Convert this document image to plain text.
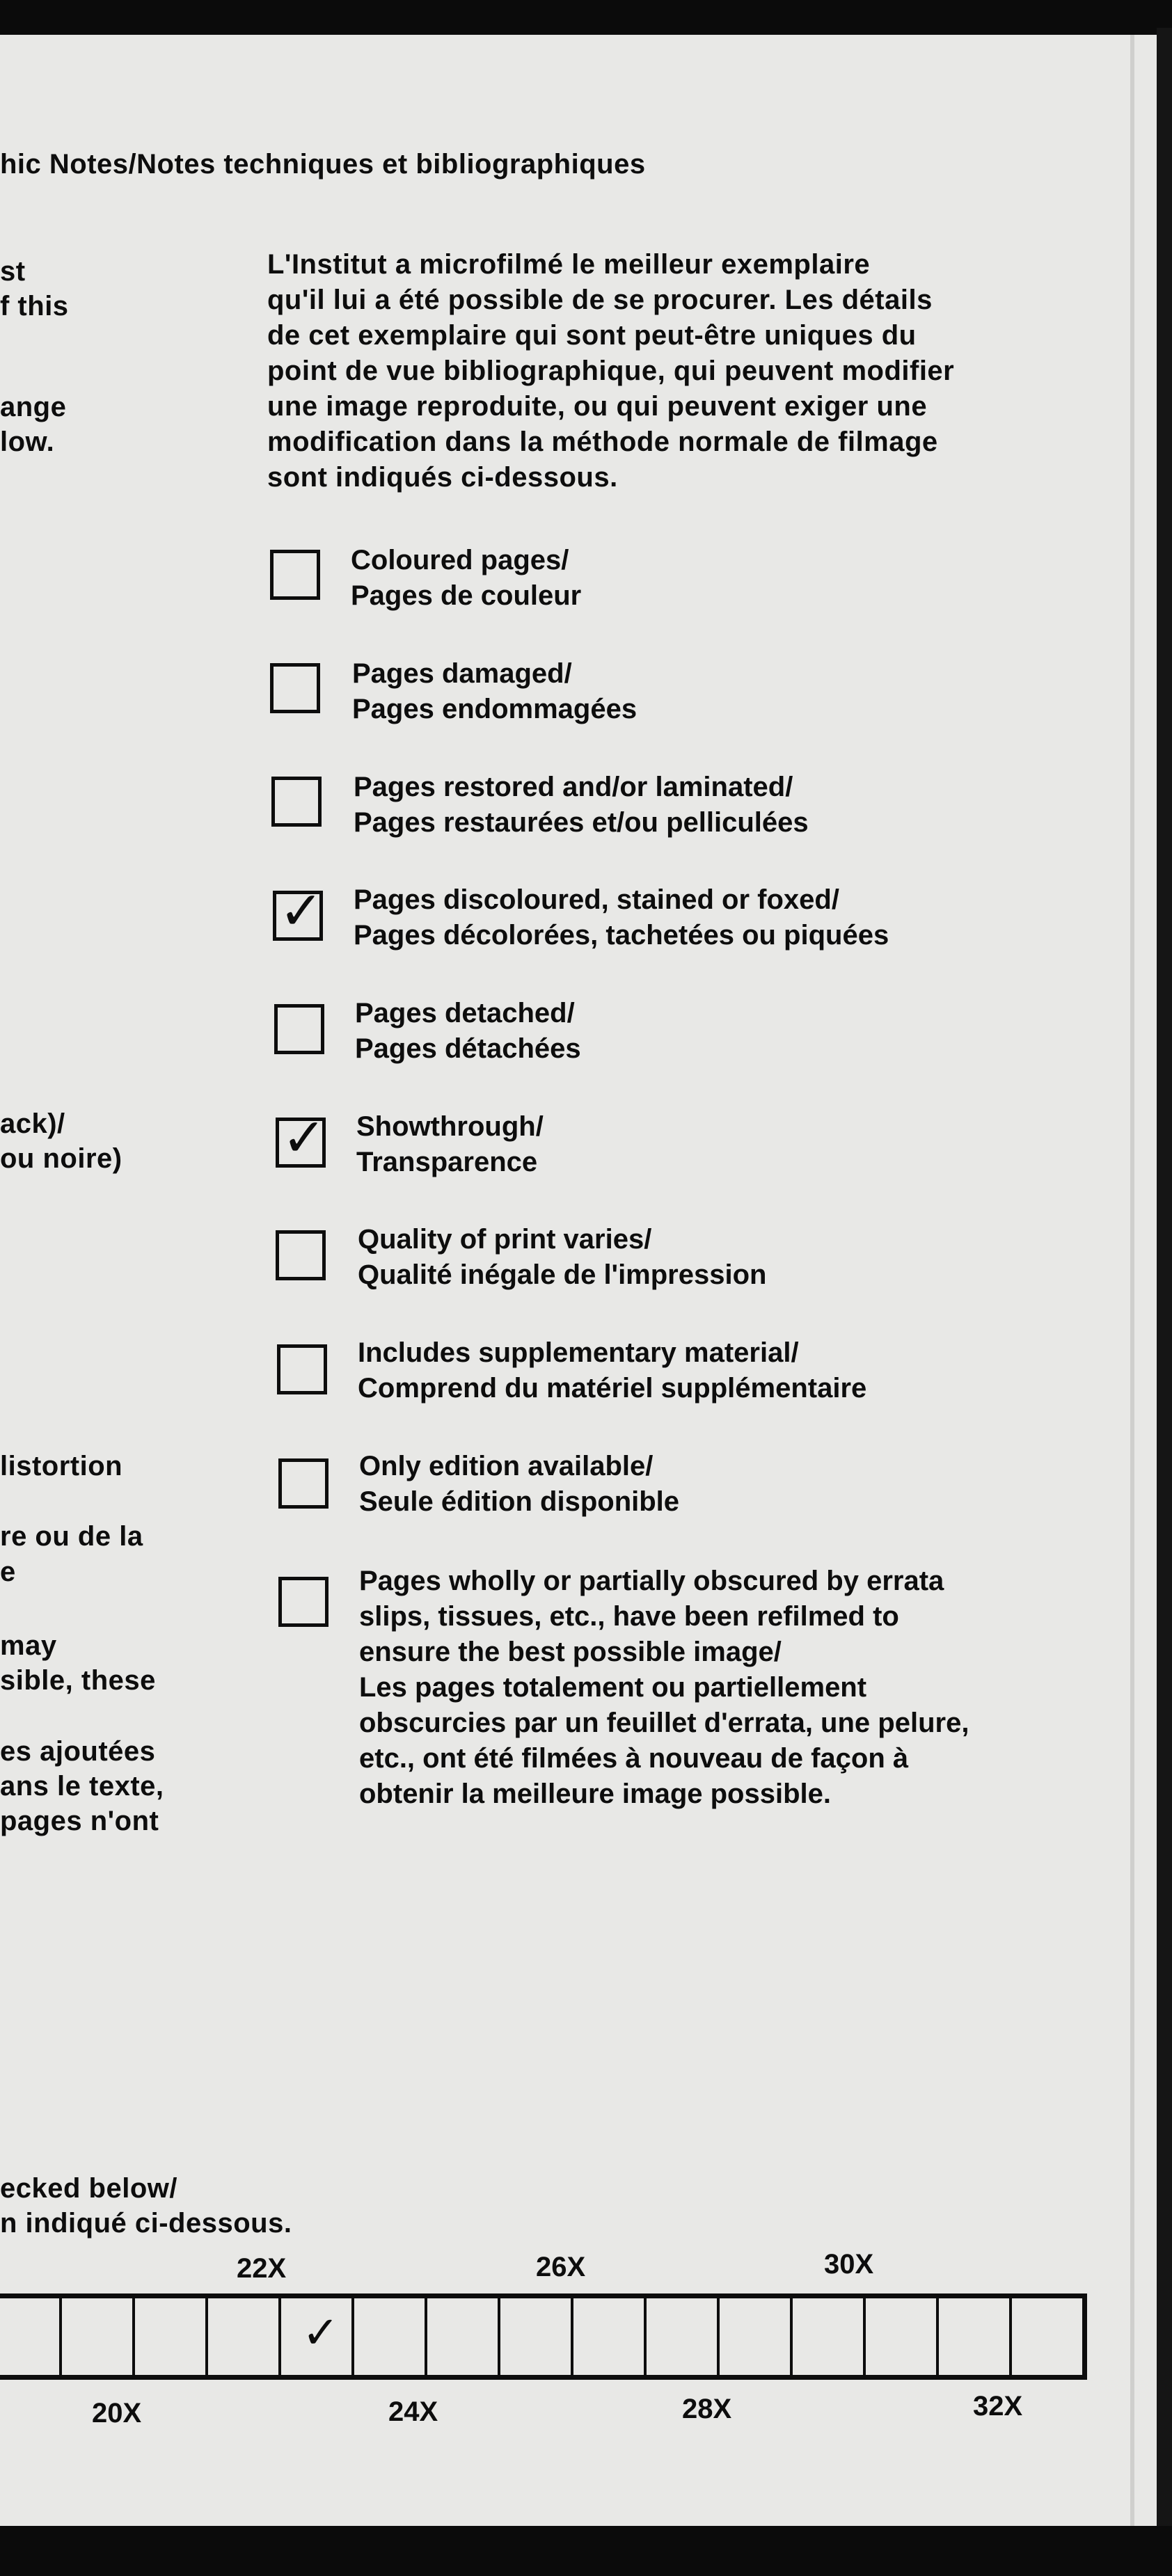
hic Notes/Notes techniques et bibliographiques
st
f this
ange
low.
ack)/
ou noire)
listortion
re ou de la
e
may
sible, these
es ajoutées
ans le texte,
pages n'ont
ecked below/
n indiqué ci-dessous.
L'Institut a microfilmé le meilleur exemplaire
qu'il lui a été possible de se procurer. Les détails
de cet exemplaire qui sont peut-être uniques du
point de vue bibliographique, qui peuvent modifier
une image reproduite, ou qui peuvent exiger une
modification dans la méthode normale de filmage
sont indiqués ci-dessous.
Coloured pages/
Pages de couleur
Pages damaged/
Pages endommagées
Pages restored and/or laminated/
Pages restaurées et/ou pelliculées
✓ Pages discoloured, stained or foxed/
Pages décolorées, tachetées ou piquées
Pages detached/
Pages détachées
✓ Showthrough/
Transparence
Quality of print varies/
Qualité inégale de l'impression
Includes supplementary material/
Comprend du matériel supplémentaire
Only edition available/
Seule édition disponible
Pages wholly or partially obscured by errata
slips, tissues, etc., have been refilmed to
ensure the best possible image/
Les pages totalement ou partiellement
obscurcies par un feuillet d'errata, une pelure,
etc., ont été filmées à nouveau de façon à
obtenir la meilleure image possible.
22X	26X	30X
✓
20X	24X	28X	32X
